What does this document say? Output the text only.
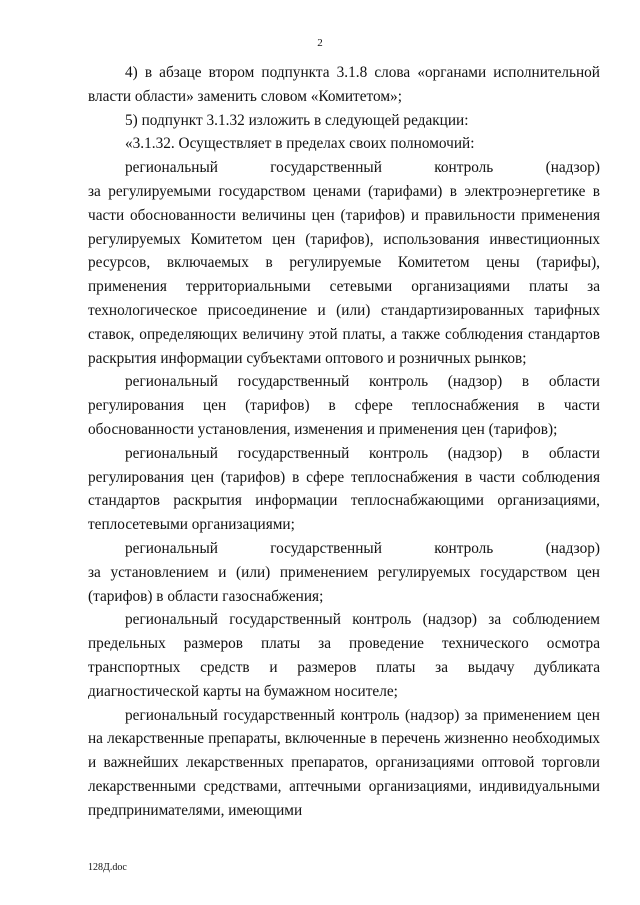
2

4) в абзаце втором подпункта 3.1.8 слова «органами исполнительной власти области» заменить словом «Комитетом»;

5) подпункт 3.1.32 изложить в следующей редакции:

«3.1.32. Осуществляет в пределах своих полномочий:

региональный государственный контроль (надзор)

за регулируемыми государством ценами (тарифами) в электроэнергетике в части обоснованности величины цен (тарифов) и правильности применения регулируемых Комитетом цен (тарифов), использования инвестиционных ресурсов, включаемых в регулируемые Комитетом цены (тарифы), применения территориальными сетевыми организациями платы за технологическое присоединение и (или) стандартизированных тарифных ставок, определяющих величину этой платы, а также соблюдения стандартов раскрытия информации субъектами оптового и розничных рынков;

региональный государственный контроль (надзор) в области регулирования цен (тарифов) в сфере теплоснабжения в части обоснованности установления, изменения и применения цен (тарифов);

региональный государственный контроль (надзор) в области регулирования цен (тарифов) в сфере теплоснабжения в части соблюдения стандартов раскрытия информации теплоснабжающими организациями, теплосетевыми организациями;

региональный государственный контроль (надзор)

за установлением и (или) применением регулируемых государством цен (тарифов) в области газоснабжения;

региональный государственный контроль (надзор) за соблюдением предельных размеров платы за проведение технического осмотра транспортных средств и размеров платы за выдачу дубликата диагностической карты на бумажном носителе;

региональный государственный контроль (надзор) за применением цен на лекарственные препараты, включенные в перечень жизненно необходимых и важнейших лекарственных препаратов, организациями оптовой торговли лекарственными средствами, аптечными организациями, индивидуальными предпринимателями, имеющими

128Д.doc
